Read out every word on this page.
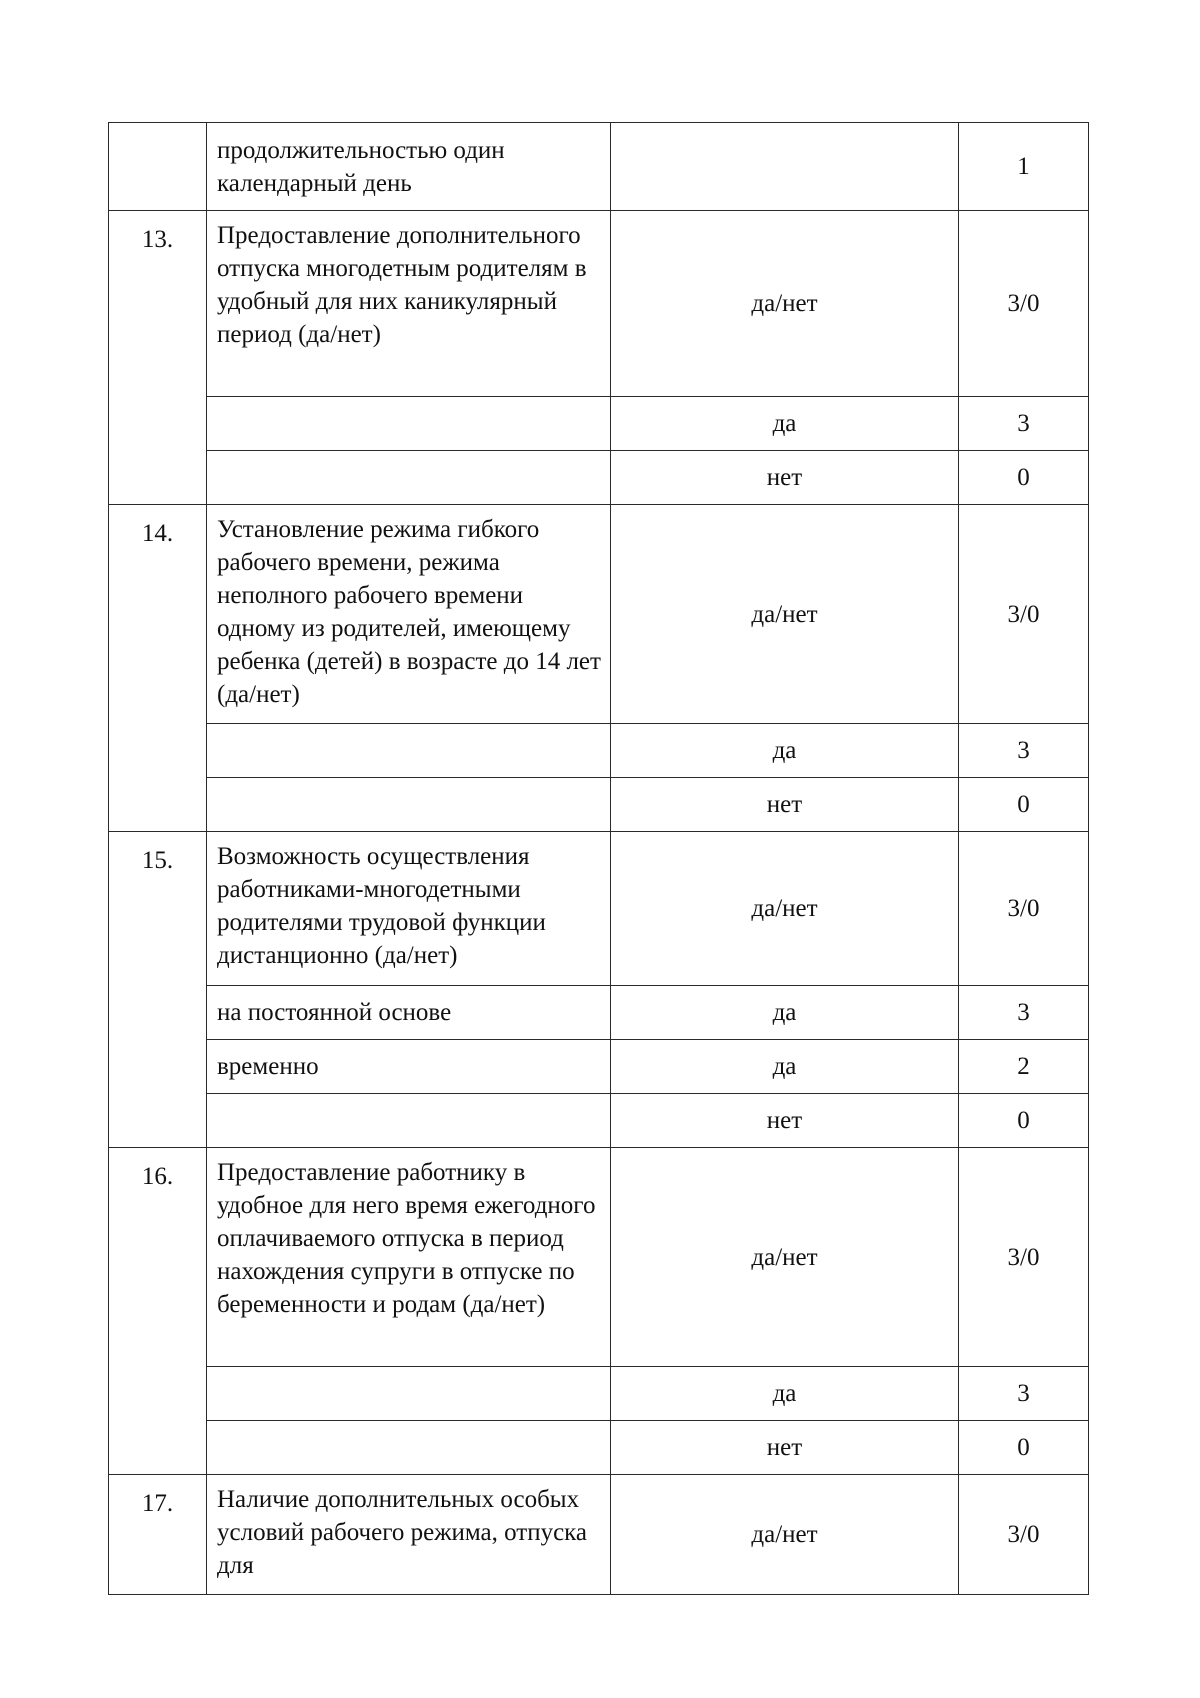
	продолжительностью один календарный день		1
13.	Предоставление дополнительного отпуска многодетным родителям в удобный для них каникулярный период (да/нет)	да/нет	3/0
		да	3
		нет	0
14.	Установление режима гибкого рабочего времени, режима неполного рабочего времени одному из родителей, имеющему ребенка (детей) в возрасте до 14 лет (да/нет)	да/нет	3/0
		да	3
		нет	0
15.	Возможность осуществления работниками-многодетными родителями трудовой функции дистанционно (да/нет)	да/нет	3/0
	на постоянной основе	да	3
	временно	да	2
		нет	0
16.	Предоставление работнику в удобное для него время ежегодного оплачиваемого отпуска в период нахождения супруги в отпуске по беременности и родам (да/нет)	да/нет	3/0
		да	3
		нет	0
17.	Наличие дополнительных особых условий рабочего режима, отпуска для	да/нет	3/0
